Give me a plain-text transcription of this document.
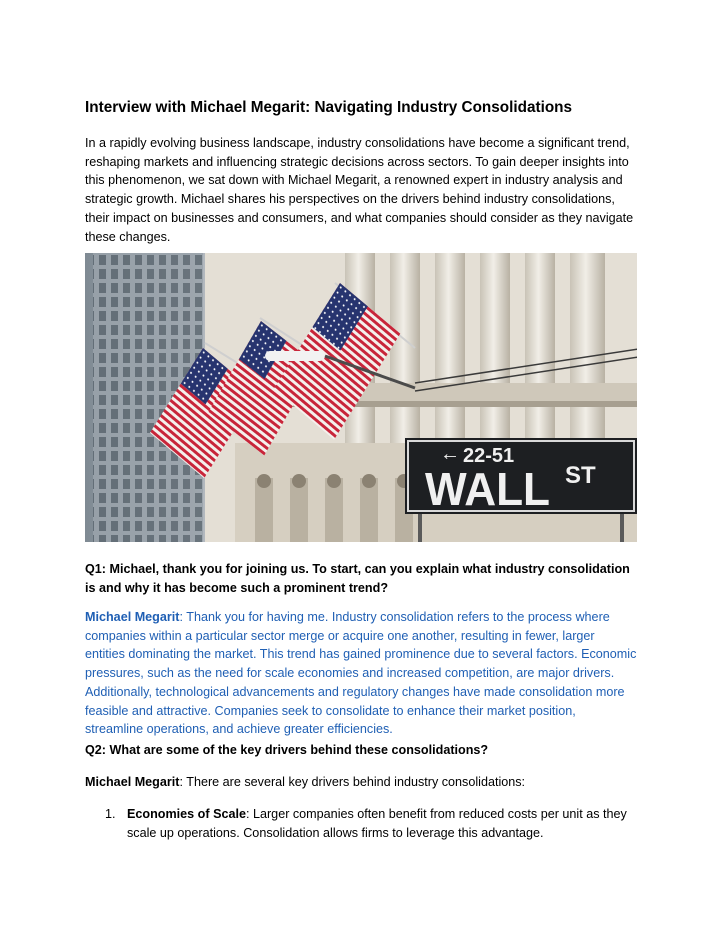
Interview with Michael Megarit: Navigating Industry Consolidations

In a rapidly evolving business landscape, industry consolidations have become a significant trend, reshaping markets and influencing strategic decisions across sectors. To gain deeper insights into this phenomenon, we sat down with Michael Megarit, a renowned expert in industry analysis and strategic growth. Michael shares his perspectives on the drivers behind industry consolidations, their impact on businesses and consumers, and what companies should consider as they navigate these changes.

← 22-51
WALL ST

Q1: Michael, thank you for joining us. To start, can you explain what industry consolidation is and why it has become such a prominent trend?

Michael Megarit: Thank you for having me. Industry consolidation refers to the process where companies within a particular sector merge or acquire one another, resulting in fewer, larger entities dominating the market. This trend has gained prominence due to several factors. Economic pressures, such as the need for scale economies and increased competition, are major drivers. Additionally, technological advancements and regulatory changes have made consolidation more feasible and attractive. Companies seek to consolidate to enhance their market position, streamline operations, and achieve greater efficiencies.

Q2: What are some of the key drivers behind these consolidations?

Michael Megarit: There are several key drivers behind industry consolidations:

1. Economies of Scale: Larger companies often benefit from reduced costs per unit as they scale up operations. Consolidation allows firms to leverage this advantage.
